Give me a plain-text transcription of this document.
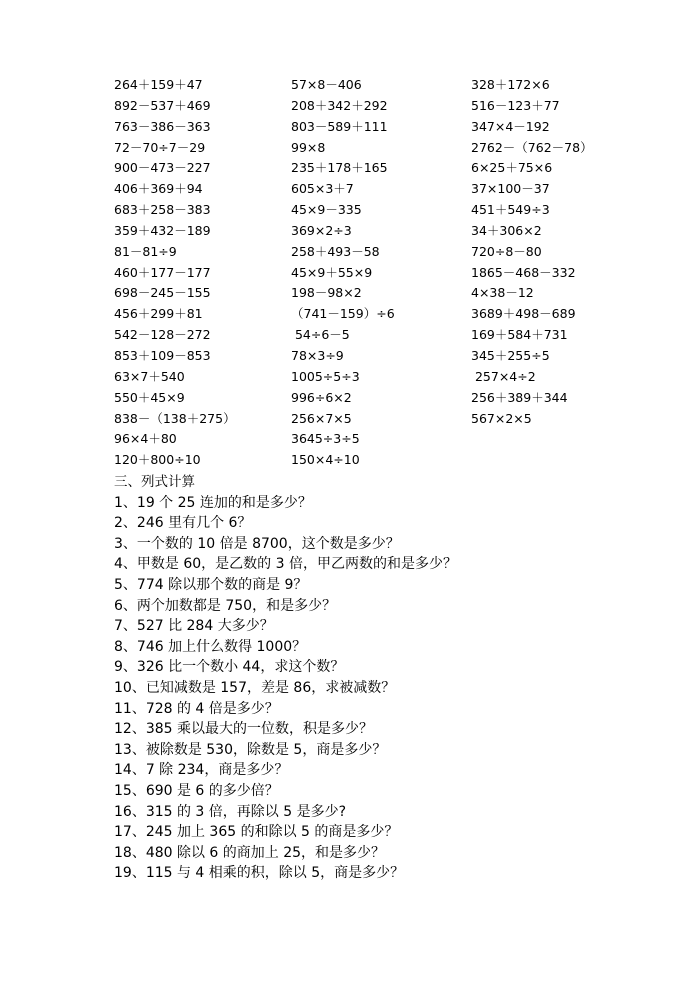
264＋159＋47
892－537＋469
763－386－363
72－70÷7－29
900－473－227
406＋369＋94
683＋258－383
359＋432－189
81－81÷9
460＋177－177
698－245－155
456＋299＋81
542－128－272
853＋109－853
63×7＋540
550＋45×9
838－（138＋275）
96×4＋80
120＋800÷10
57×8－406
208＋342＋292
803－589＋111
99×8
235＋178＋165
605×3＋7
45×9－335
369×2÷3
258＋493－58
45×9＋55×9
198－98×2
（741－159）÷6
54÷6－5
78×3÷9
1005÷5÷3
996÷6×2
256×7×5
3645÷3÷5
150×4÷10
328＋172×6
516－123＋77
347×4－192
2762－（762－78）
6×25＋75×6
37×100－37
451＋549÷3
34＋306×2
720÷8－80
1865－468－332
4×38－12
3689＋498－689
169＋584＋731
345＋255÷5
257×4÷2
256＋389＋344
567×2×5
三、列式计算
1、19 个 25 连加的和是多少？
2、246 里有几个 6？
3、一个数的 10 倍是 8700，这个数是多少？
4、甲数是 60，是乙数的 3 倍，甲乙两数的和是多少？
5、774 除以那个数的商是 9？
6、两个加数都是 750，和是多少？
7、527 比 284 大多少？
8、746 加上什么数得 1000？
9、326 比一个数小 44，求这个数？
10、已知减数是 157，差是 86，求被减数？
11、728 的 4 倍是多少？
12、385 乘以最大的一位数，积是多少？
13、被除数是 530，除数是 5，商是多少？
14、7 除 234，商是多少？
15、690 是 6 的多少倍？
16、315 的 3 倍，再除以 5 是多少?
17、245 加上 365 的和除以 5 的商是多少？
18、480 除以 6 的商加上 25，和是多少？
19、115 与 4 相乘的积，除以 5，商是多少？
